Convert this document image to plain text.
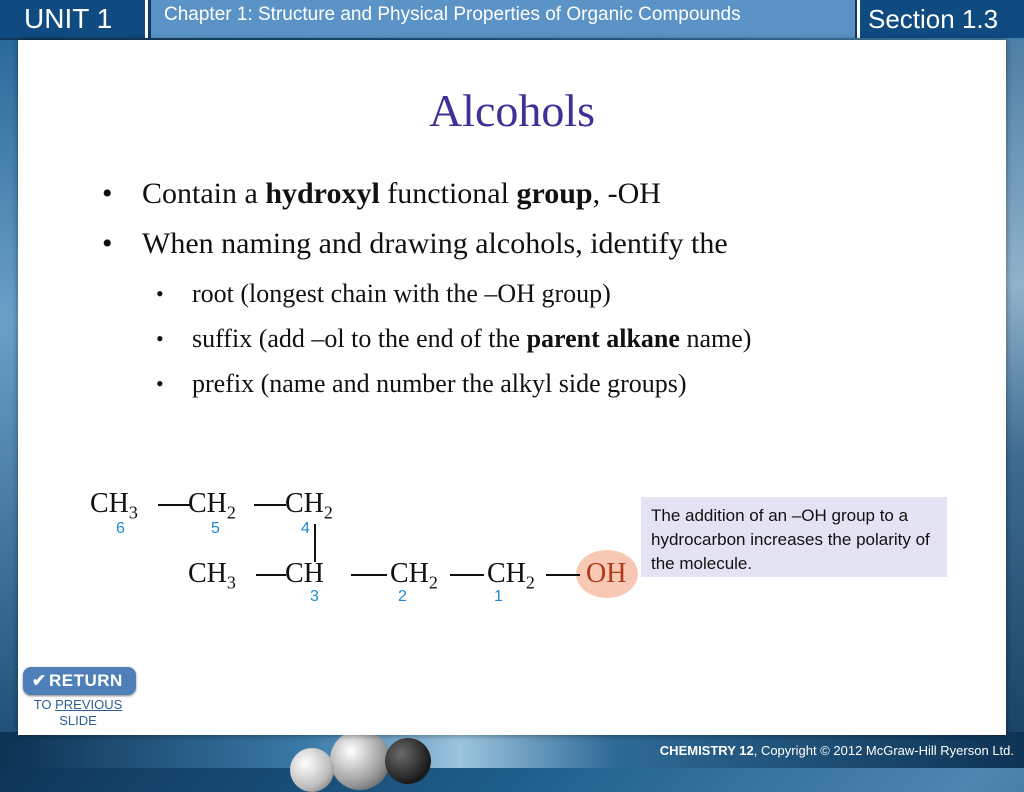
UNIT 1	Chapter 1: Structure and Physical Properties of Organic Compounds	Section 1.3
Alcohols
• Contain a hydroxyl functional group, -OH
• When naming and drawing alcohols, identify the
• root (longest chain with the –OH group)
• suffix (add –ol to the end of the parent alkane name)
• prefix (name and number the alkyl side groups)
$CH_3$ $CH_2$ $CH_2$
6	5	4
$CH_3$ CH $CH_2$ $CH_2$ OH
3	2	1
The addition of an –OH group to a hydrocarbon increases the polarity of the molecule.
✔ RETURN
TO PREVIOUS
SLIDE
CHEMISTRY 12, Copyright © 2012 McGraw-Hill Ryerson Ltd.
